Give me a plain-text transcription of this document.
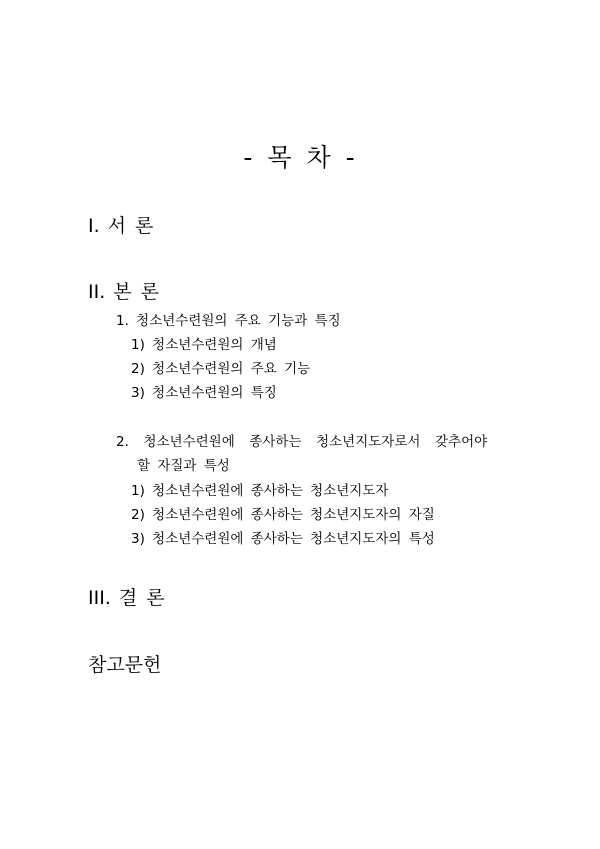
- 목 차 -
I. 서 론
II. 본 론
1. 청소년수련원의 주요 기능과 특징
1) 청소년수련원의 개념
2) 청소년수련원의 주요 기능
3) 청소년수련원의 특징
2.  청소년수련원에  종사하는  청소년지도자로서  갖추어야
할 자질과 특성
1) 청소년수련원에 종사하는 청소년지도자
2) 청소년수련원에 종사하는 청소년지도자의 자질
3) 청소년수련원에 종사하는 청소년지도자의 특성
III. 결 론
참고문헌
